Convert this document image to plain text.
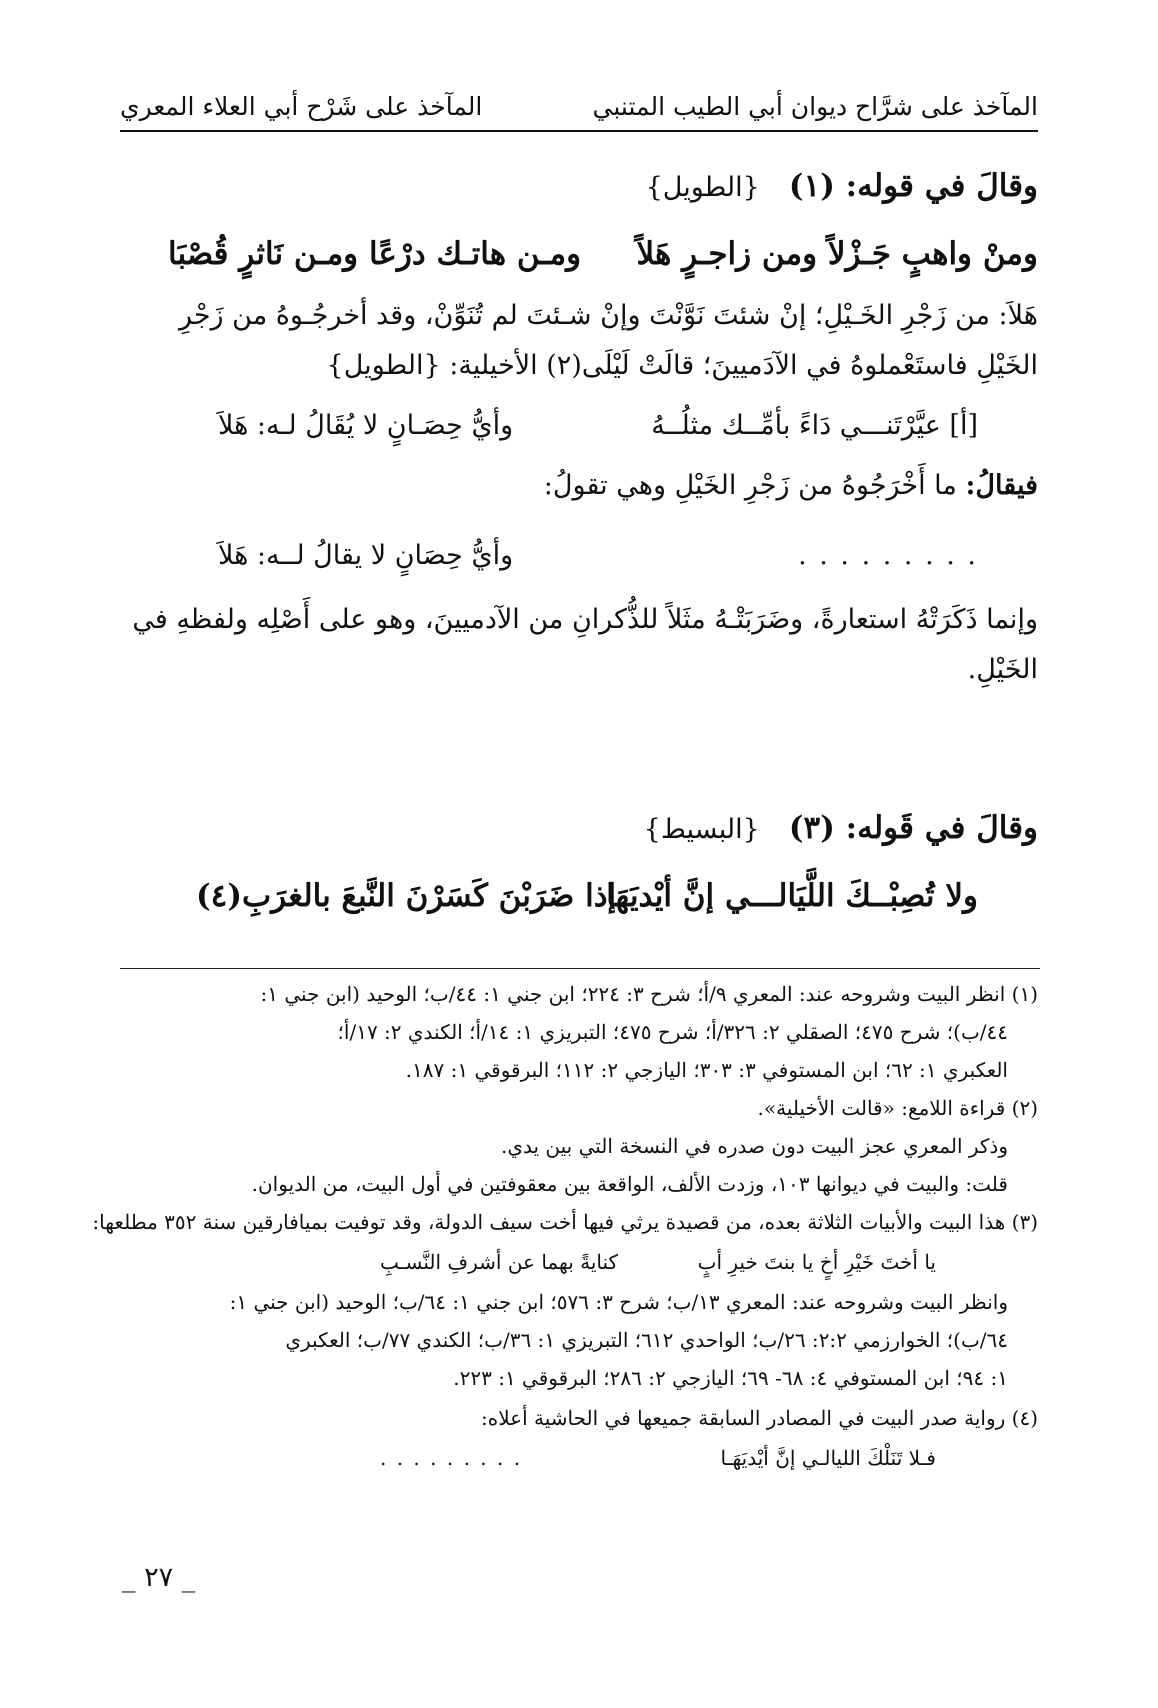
المآخذ على شرَّاح ديوان أبي الطيب المتنبي
المآخذ على شَرْح أبي العلاء المعري
وقالَ في قوله: (١) {الطويل}
ومنْ واهبٍ جَـزْلاً ومن زاجـرٍ هَلاً
ومـن هاتـك درْعًا ومـن نَاثرٍ قُصْبَا
هَلاَ: من زَجْرِ الخَـيْلِ؛ إنْ شئتَ نَوَّنْتَ وإنْ شـئتَ لم تُنَوِّنْ، وقد أخرجُـوهُ من زَجْرِ
الخَيْلِ فاستَعْملوهُ في الآدَميينَ؛ قالَتْ لَيْلَى(٢) الأخيلية: {الطويل}
[أ] عيَّرْتَنـــي دَاءً بأمِّــك مثلُــهُ
وأيُّ حِصَـانٍ لا يُقَالُ لـه: هَلاَ
فيقالُ: ما أَخْرَجُوهُ من زَجْرِ الخَيْلِ وهي تقولُ:
. . . . . . . . .
وأيُّ حِصَانٍ لا يقالُ لــه: هَلاَ
وإنما ذَكَرَتْهُ استعارةً، وضَرَبَتْـهُ مثَلاً للذُّكرانِ من الآدميينَ، وهو على أَصْلِه ولفظهِ في
الخَيْلِ.
وقالَ في قَوله: (٣) {البسيط}
ولا تُصِبْــكَ اللَّيَالـــي إنَّ أيْديَهَا
إذا ضَرَبْنَ كَسَرْنَ النَّبعَ بالغرَبِ(٤)
(١) انظر البيت وشروحه عند: المعري ٩/أ؛ شرح ٣: ٢٢٤؛ ابن جني ١: ٤٤/ب؛ الوحيد (ابن جني ١:
٤٤/ب)؛ شرح ٤٧٥؛ الصقلي ٢: ٣٢٦/أ؛ شرح ٤٧٥؛ التبريزي ١: ١٤/أ؛ الكندي ٢: ١٧/أ؛
العكبري ١: ٦٢؛ ابن المستوفي ٣: ٣٠٣؛ اليازجي ٢: ١١٢؛ البرقوقي ١: ١٨٧.
(٢) قراءة اللامع: «قالت الأخيلية».
وذكر المعري عجز البيت دون صدره في النسخة التي بين يدي.
قلت: والبيت في ديوانها ١٠٣، وزدت الألف، الواقعة بين معقوفتين في أول البيت، من الديوان.
(٣) هذا البيت والأبيات الثلاثة بعده، من قصيدة يرثي فيها أخت سيف الدولة، وقد توفيت بميافارقين سنة ٣٥٢ مطلعها:
يا أختَ خَيْرِ أخٍ يا بنتَ خيرِ أبٍ
كنايةً بهما عن أشرفِ النَّسـبِ
وانظر البيت وشروحه عند: المعري ١٣/ب؛ شرح ٣: ٥٧٦؛ ابن جني ١: ٦٤/ب؛ الوحيد (ابن جني ١:
٦٤/ب)؛ الخوارزمي ٢:٢: ٢٦/ب؛ الواحدي ٦١٢؛ التبريزي ١: ٣٦/ب؛ الكندي ٧٧/ب؛ العكبري
١: ٩٤؛ ابن المستوفي ٤: ٦٨- ٦٩؛ اليازجي ٢: ٢٨٦؛ البرقوقي ١: ٢٢٣.
(٤) رواية صدر البيت في المصادر السابقة جميعها في الحاشية أعلاه:
فـلا تَنَلْكَ الليالـي إنَّ أيْديَهَـا
. . . . . . . . .
_ ٢٧ _
